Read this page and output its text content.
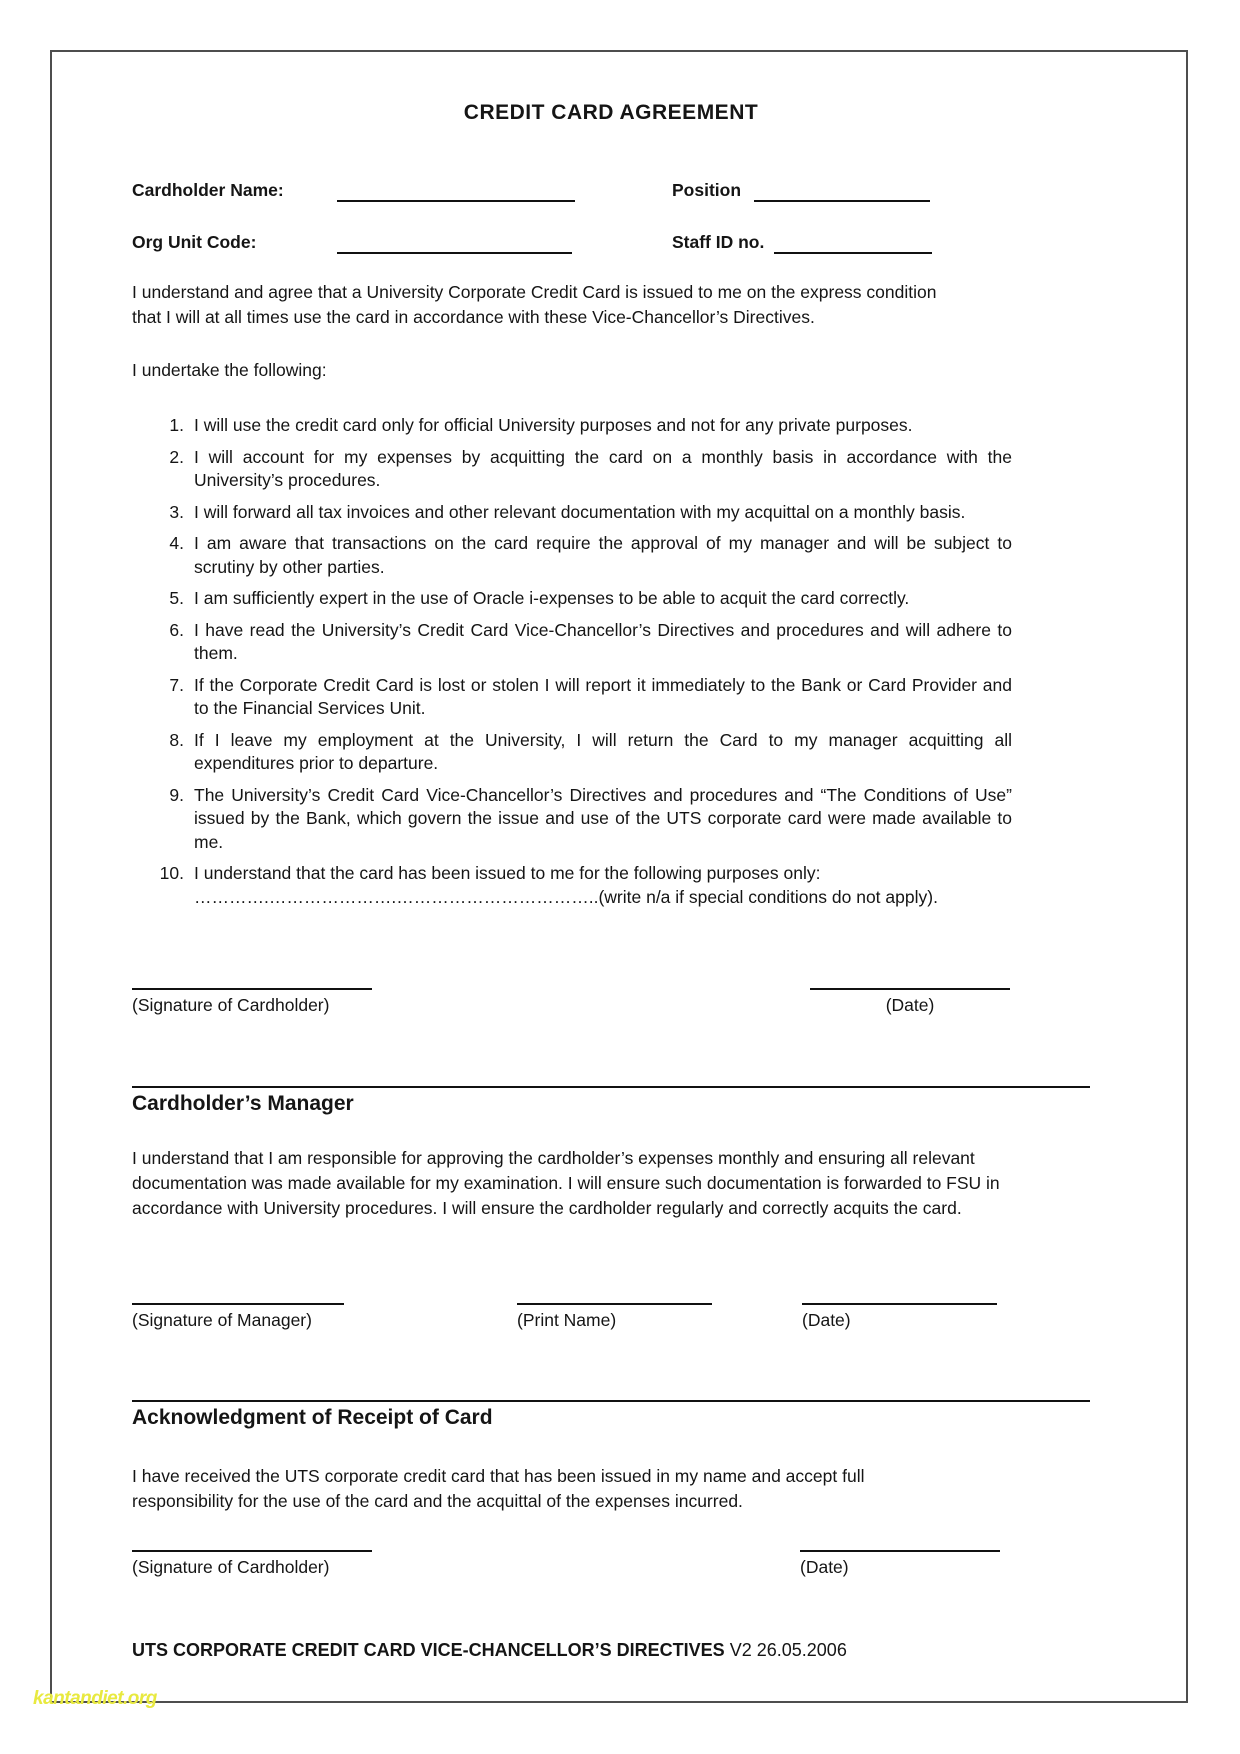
CREDIT CARD AGREEMENT
Cardholder Name:	Position
Org Unit Code:	Staff ID no.
I understand and agree that a University Corporate Credit Card is issued to me on the express condition that I will at all times use the card in accordance with these Vice-Chancellor’s Directives.
I undertake the following:
1. I will use the credit card only for official University purposes and not for any private purposes.
2. I will account for my expenses by acquitting the card on a monthly basis in accordance with the University’s procedures.
3. I will forward all tax invoices and other relevant documentation with my acquittal on a monthly basis.
4. I am aware that transactions on the card require the approval of my manager and will be subject to scrutiny by other parties.
5. I am sufficiently expert in the use of Oracle i-expenses to be able to acquit the card correctly.
6. I have read the University’s Credit Card Vice-Chancellor’s Directives and procedures and will adhere to them.
7. If the Corporate Credit Card is lost or stolen I will report it immediately to the Bank or Card Provider and to the Financial Services Unit.
8. If I leave my employment at the University, I will return the Card to my manager acquitting all expenditures prior to departure.
9. The University’s Credit Card Vice-Chancellor’s Directives and procedures and “The Conditions of Use” issued by the Bank, which govern the issue and use of the UTS corporate card were made available to me.
10. I understand that the card has been issued to me for the following purposes only:
………….………………….……………………………..(write n/a if special conditions do not apply).
(Signature of Cardholder)	(Date)
Cardholder’s Manager
I understand that I am responsible for approving the cardholder’s expenses monthly and ensuring all relevant documentation was made available for my examination. I will ensure such documentation is forwarded to FSU in accordance with University procedures. I will ensure the cardholder regularly and correctly acquits the card.
(Signature of Manager)	(Print Name)	(Date)
Acknowledgment of Receipt of Card
I have received the UTS corporate credit card that has been issued in my name and accept full responsibility for the use of the card and the acquittal of the expenses incurred.
(Signature of Cardholder)	(Date)
UTS CORPORATE CREDIT CARD VICE-CHANCELLOR’S DIRECTIVES V2 26.05.2006
kantandiet.org
